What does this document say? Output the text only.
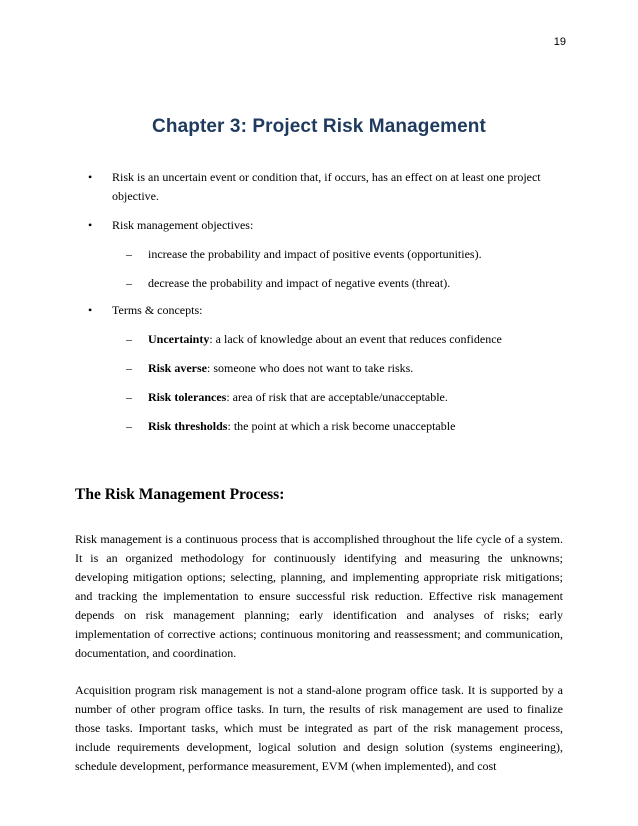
19
Chapter 3: Project Risk Management
• Risk is an uncertain event or condition that, if occurs, has an effect on at least one project objective.
• Risk management objectives:
– increase the probability and impact of positive events (opportunities).
– decrease the probability and impact of negative events (threat).
• Terms & concepts:
– Uncertainty: a lack of knowledge about an event that reduces confidence
– Risk averse: someone who does not want to take risks.
– Risk tolerances: area of risk that are acceptable/unacceptable.
– Risk thresholds: the point at which a risk become unacceptable
The Risk Management Process:

Risk management is a continuous process that is accomplished throughout the life cycle of a system. It is an organized methodology for continuously identifying and measuring the unknowns; developing mitigation options; selecting, planning, and implementing appropriate risk mitigations; and tracking the implementation to ensure successful risk reduction. Effective risk management depends on risk management planning; early identification and analyses of risks; early implementation of corrective actions; continuous monitoring and reassessment; and communication, documentation, and coordination.

Acquisition program risk management is not a stand-alone program office task. It is supported by a number of other program office tasks. In turn, the results of risk management are used to finalize those tasks. Important tasks, which must be integrated as part of the risk management process, include requirements development, logical solution and design solution (systems engineering), schedule development, performance measurement, EVM (when implemented), and cost
